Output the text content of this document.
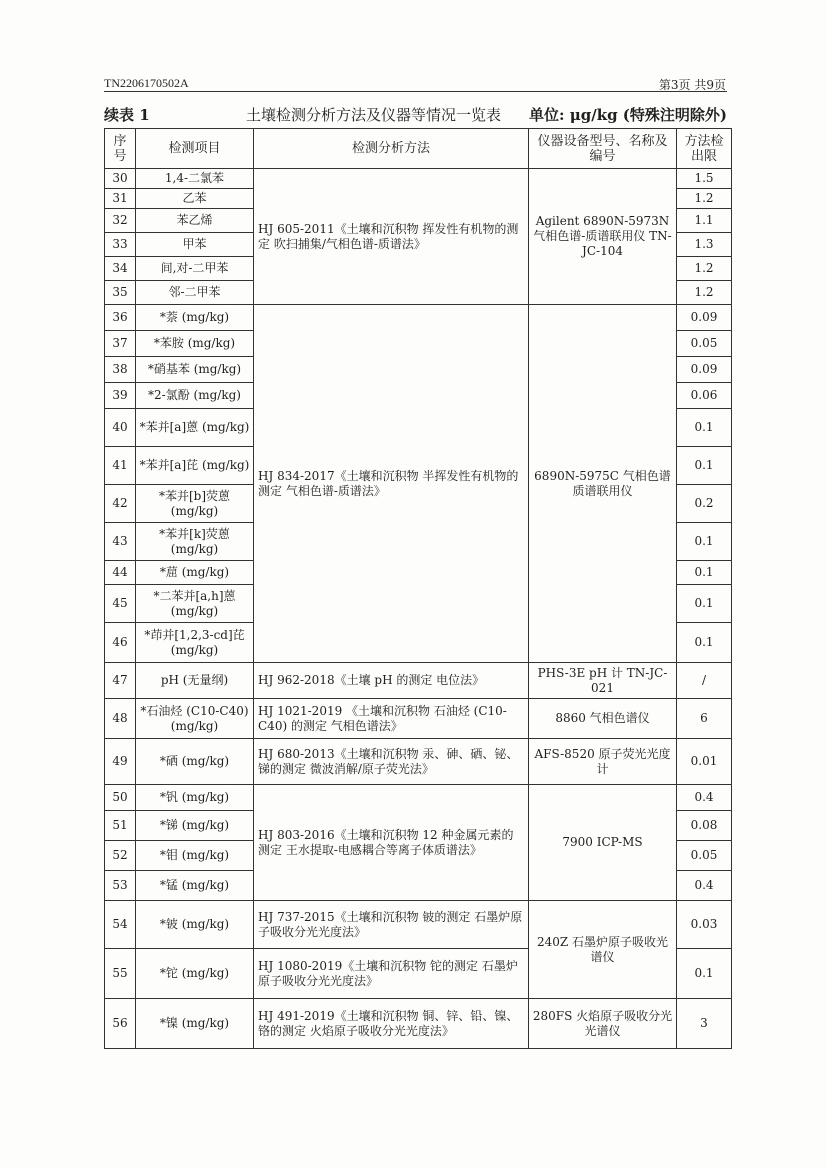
TN2206170502A	第3页 共9页
续表 1	土壤检测分析方法及仪器等情况一览表 单位: μg/kg (特殊注明除外)
序号	检测项目	检测分析方法	仪器设备型号、名称及编号	方法检出限
30	1,4-二氯苯	HJ 605-2011《土壤和沉积物 挥发性有机物的测定 吹扫捕集/气相色谱-质谱法》	Agilent 6890N-5973N 气相色谱-质谱联用仪 TN-JC-104	1.5
31	乙苯			1.2
32	苯乙烯			1.1
33	甲苯			1.3
34	间,对-二甲苯			1.2
35	邻-二甲苯			1.2
36	*萘 (mg/kg)	HJ 834-2017《土壤和沉积物 半挥发性有机物的测定 气相色谱-质谱法》	6890N-5975C 气相色谱质谱联用仪	0.09
37	*苯胺 (mg/kg)			0.05
38	*硝基苯 (mg/kg)			0.09
39	*2-氯酚 (mg/kg)			0.06
40	*苯并[a]蒽 (mg/kg)			0.1
41	*苯并[a]芘 (mg/kg)			0.1
42	*苯并[b]荧蒽 (mg/kg)			0.2
43	*苯并[k]荧蒽 (mg/kg)			0.1
44	*䓛 (mg/kg)			0.1
45	*二苯并[a,h]蒽 (mg/kg)			0.1
46	*茚并[1,2,3-cd]芘 (mg/kg)			0.1
47	pH (无量纲)	HJ 962-2018《土壤 pH 的测定 电位法》	PHS-3E pH 计 TN-JC-021	/
48	*石油烃 (C10-C40) (mg/kg)	HJ 1021-2019 《土壤和沉积物 石油烃 (C10-C40) 的测定 气相色谱法》	8860 气相色谱仪	6
49	*硒 (mg/kg)	HJ 680-2013《土壤和沉积物 汞、砷、硒、铋、锑的测定 微波消解/原子荧光法》	AFS-8520 原子荧光光度计	0.01
50	*钒 (mg/kg)	HJ 803-2016《土壤和沉积物 12 种金属元素的测定 王水提取-电感耦合等离子体质谱法》	7900 ICP-MS	0.4
51	*锑 (mg/kg)			0.08
52	*钼 (mg/kg)			0.05
53	*锰 (mg/kg)			0.4
54	*铍 (mg/kg)	HJ 737-2015《土壤和沉积物 铍的测定 石墨炉原子吸收分光光度法》	240Z 石墨炉原子吸收光谱仪	0.03
55	*铊 (mg/kg)	HJ 1080-2019《土壤和沉积物 铊的测定 石墨炉原子吸收分光光度法》		0.1
56	*镍 (mg/kg)	HJ 491-2019《土壤和沉积物 铜、锌、铅、镍、铬的测定 火焰原子吸收分光光度法》	280FS 火焰原子吸收分光光谱仪	3
